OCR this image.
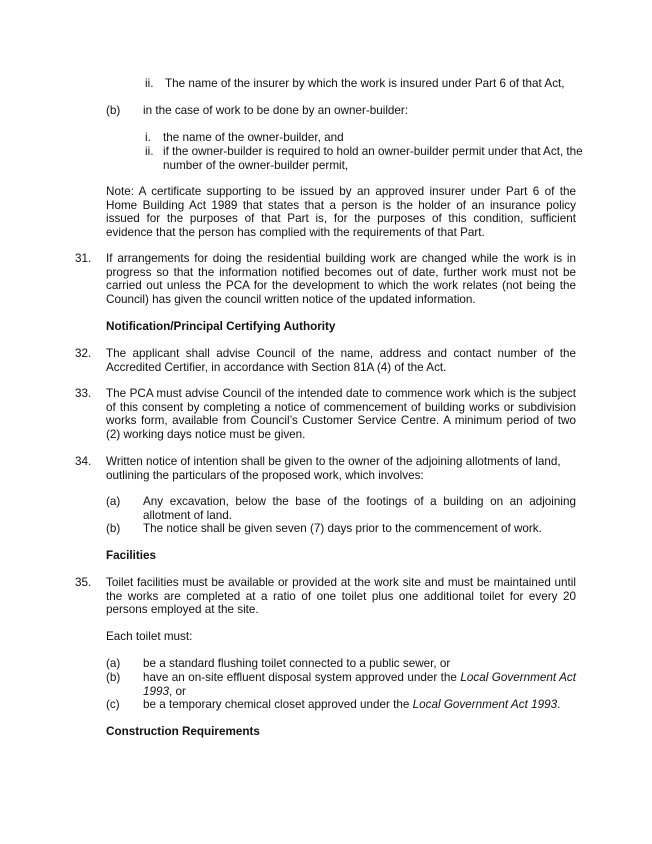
ii. The name of the insurer by which the work is insured under Part 6 of that Act,

(b) in the case of work to be done by an owner-builder:

i. the name of the owner-builder, and

ii. if the owner-builder is required to hold an owner-builder permit under that Act, the number of the owner-builder permit,

Note: A certificate supporting to be issued by an approved insurer under Part 6 of the Home Building Act 1989 that states that a person is the holder of an insurance policy issued for the purposes of that Part is, for the purposes of this condition, sufficient evidence that the person has complied with the requirements of that Part.

31. If arrangements for doing the residential building work are changed while the work is in progress so that the information notified becomes out of date, further work must not be carried out unless the PCA for the development to which the work relates (not being the Council) has given the council written notice of the updated information.

Notification/Principal Certifying Authority

32. The applicant shall advise Council of the name, address and contact number of the Accredited Certifier, in accordance with Section 81A (4) of the Act.

33. The PCA must advise Council of the intended date to commence work which is the subject of this consent by completing a notice of commencement of building works or subdivision works form, available from Council’s Customer Service Centre. A minimum period of two (2) working days notice must be given.

34. Written notice of intention shall be given to the owner of the adjoining allotments of land, outlining the particulars of the proposed work, which involves:

(a) Any excavation, below the base of the footings of a building on an adjoining allotment of land.

(b) The notice shall be given seven (7) days prior to the commencement of work.

Facilities

35. Toilet facilities must be available or provided at the work site and must be maintained until the works are completed at a ratio of one toilet plus one additional toilet for every 20 persons employed at the site.

Each toilet must:

(a) be a standard flushing toilet connected to a public sewer, or

(b) have an on-site effluent disposal system approved under the Local Government Act 1993, or

(c) be a temporary chemical closet approved under the Local Government Act 1993.

Construction Requirements
